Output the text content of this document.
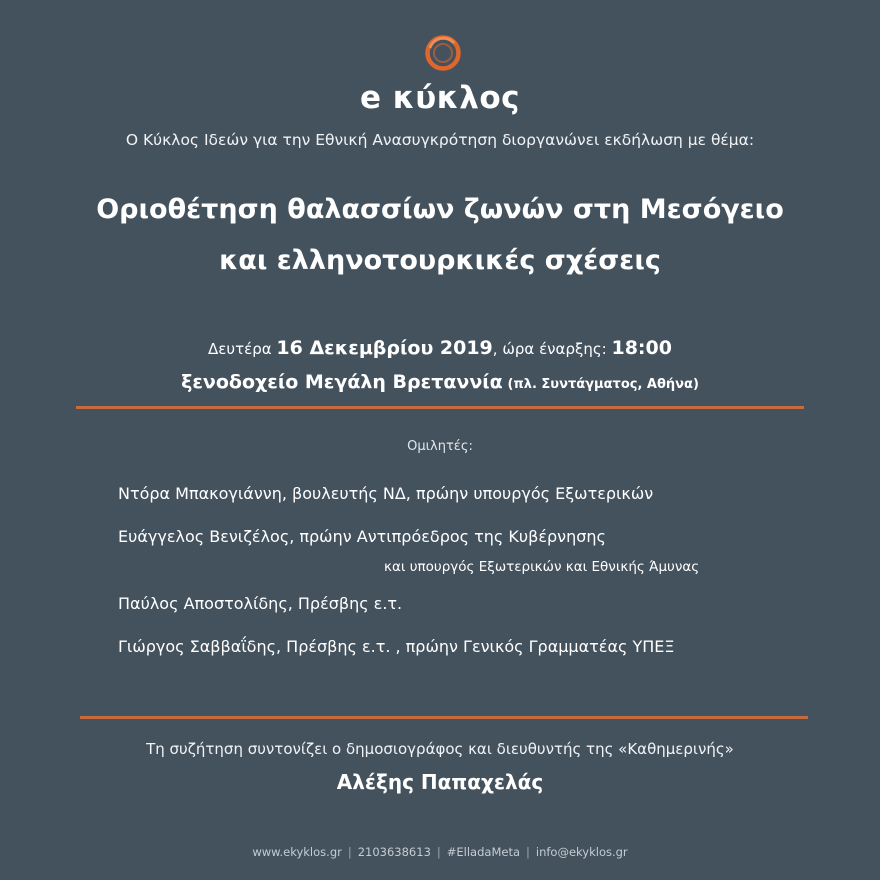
e κύκλος
Ο Κύκλος Ιδεών για την Εθνική Ανασυγκρότηση διοργανώνει εκδήλωση με θέμα:
Οριοθέτηση θαλασσίων ζωνών στη Μεσόγειο
και ελληνοτουρκικές σχέσεις
Δευτέρα 16 Δεκεμβρίου 2019, ώρα έναρξης: 18:00
ξενοδοχείο Μεγάλη Βρεταννία (πλ. Συντάγματος, Αθήνα)
Ομιλητές:
Ντόρα Μπακογιάννη, βουλευτής ΝΔ, πρώην υπουργός Εξωτερικών
Ευάγγελος Βενιζέλος, πρώην Αντιπρόεδρος της Κυβέρνησης
και υπουργός Εξωτερικών και Εθνικής Άμυνας
Παύλος Αποστολίδης, Πρέσβης ε.τ.
Γιώργος Σαββαΐδης, Πρέσβης ε.τ. , πρώην Γενικός Γραμματέας ΥΠΕΞ
Τη συζήτηση συντονίζει ο δημοσιογράφος και διευθυντής της «Καθημερινής»
Αλέξης Παπαχελάς
www.ekyklos.gr | 2103638613 | #ElladaMeta | info@ekyklos.gr
